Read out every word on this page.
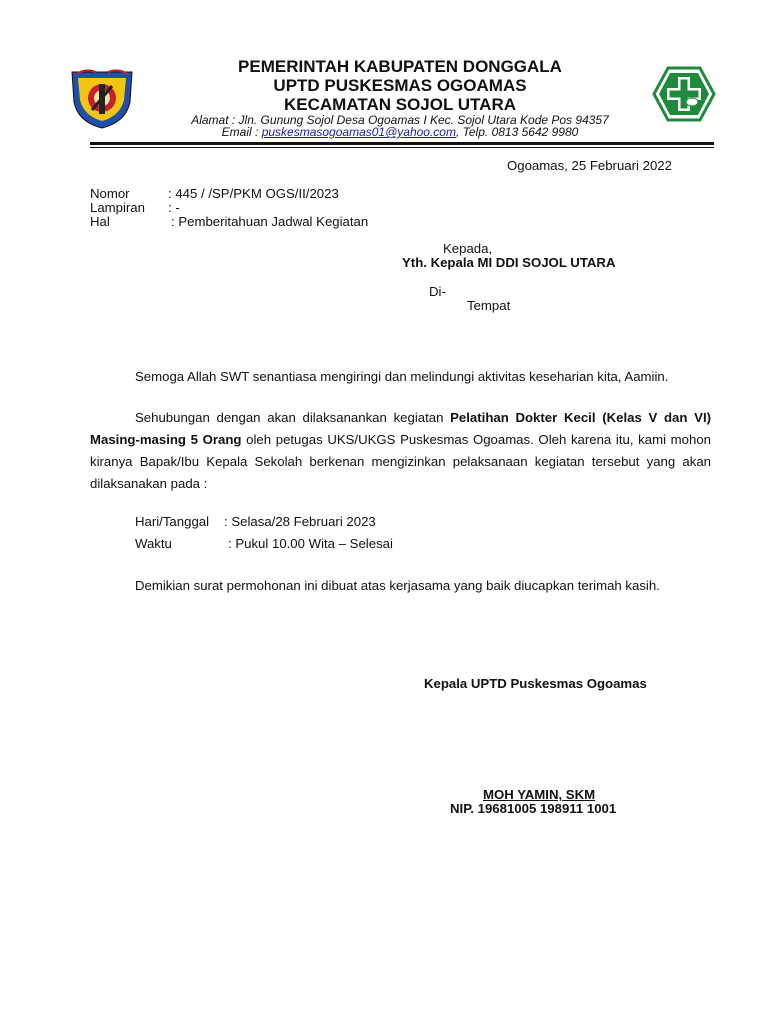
PEMERINTAH KABUPATEN DONGGALA
UPTD PUSKESMAS OGOAMAS
KECAMATAN SOJOL UTARA
Alamat : Jln. Gunung Sojol Desa Ogoamas I Kec. Sojol Utara Kode Pos 94357
Email : puskesmasogoamas01@yahoo.com, Telp. 0813 5642 9980
Ogoamas, 25 Februari 2022
Nomor	: 445 / /SP/PKM OGS/II/2023
Lampiran : -
Hal	: Pemberitahuan Jadwal Kegiatan
Kepada,
Yth. Kepala MI DDI SOJOL UTARA
Di-
Tempat
Semoga Allah SWT senantiasa mengiringi dan melindungi aktivitas keseharian kita, Aamiin.
Sehubungan dengan akan dilaksanankan kegiatan Pelatihan Dokter Kecil (Kelas V dan VI) Masing-masing 5 Orang oleh petugas UKS/UKGS Puskesmas Ogoamas. Oleh karena itu, kami mohon kiranya Bapak/Ibu Kepala Sekolah berkenan mengizinkan pelaksanaan kegiatan tersebut yang akan dilaksanakan pada :
Hari/Tanggal : Selasa/28 Februari 2023
Waktu	: Pukul 10.00 Wita – Selesai
Demikian surat permohonan ini dibuat atas kerjasama yang baik diucapkan terimah kasih.
Kepala UPTD Puskesmas Ogoamas
MOH YAMIN, SKM
NIP. 19681005 198911 1001
